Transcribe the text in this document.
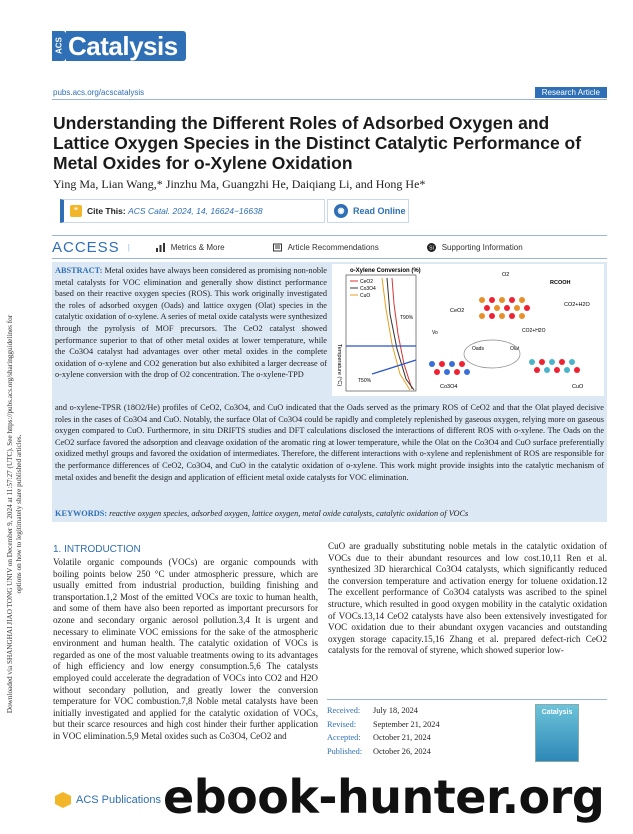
Downloaded via SHANGHAI JIAO TONG UNIV on December 9, 2024 at 11:57:27 (UTC). See https://pubs.acs.org/sharingguidelines for options on how to legitimately share published articles.
ACS Catalysis
pubs.acs.org/acscatalysis	Research Article
Understanding the Different Roles of Adsorbed Oxygen and Lattice Oxygen Species in the Distinct Catalytic Performance of Metal Oxides for o-Xylene Oxidation
Ying Ma, Lian Wang,* Jinzhu Ma, Guangzhi He, Daiqiang Li, and Hong He*
❝	Cite This:
ACS Catal. 2024, 14, 16624−16638	◉ Read Online
ACCESS |	Metrics & More	Article Recommendations	SI Supporting Information
ABSTRACT: Metal oxides have always been considered as promising non-noble metal catalysts for VOC elimination and generally show distinct performance based on their reactive oxygen species (ROS). This work originally investigated the roles of adsorbed oxygen (Oads) and lattice oxygen (Olat) species in the catalytic oxidation of o-xylene. A series of metal oxide catalysts were synthesized through the pyrolysis of MOF precursors. The CeO2 catalyst showed performance superior to that of other metal oxides at lower temperature, while the Co3O4 catalyst had advantages over other metal oxides in the complete oxidation of o-xylene and CO2 generation but also exhibited a larger decrease of o-xylene conversion with the drop of O2 concentration. The o-xylene-TPD
o-Xylene Conversion (%)
Temperature (°C)
CeO2
Co3O4
CuO
T90%
T50%
O2
RCOOH
CO2+H2O
CeO2
Vo	CO2+H2O
Oads	Olat
Co3O4	CuO
and o-xylene-TPSR (18O2/He) profiles of CeO2, Co3O4, and CuO indicated that the Oads served as the primary ROS of CeO2 and that the Olat played decisive roles in the cases of Co3O4 and CuO. Notably, the surface Olat of Co3O4 could be rapidly and completely replenished by gaseous oxygen, relying more on gaseous oxygen compared to CuO. Furthermore, in situ DRIFTS studies and DFT calculations disclosed the interactions of different ROS with o-xylene. The Oads on the CeO2 surface favored the adsorption and cleavage oxidation of the aromatic ring at lower temperature, while the Olat on the Co3O4 and CuO surface preferentially oxidized methyl groups and favored the oxidation of intermediates. Therefore, the different interactions with o-xylene and replenishment of ROS are responsible for the performance differences of CeO2, Co3O4, and CuO in the catalytic oxidation of o-xylene. This work might provide insights into the catalytic mechanism of metal oxides and benefit the design and application of efficient metal oxide catalysts for VOC elimination.
KEYWORDS: reactive oxygen species, adsorbed oxygen, lattice oxygen, metal oxide catalysts, catalytic oxidation of VOCs
1. INTRODUCTION
Volatile organic compounds (VOCs) are organic compounds with boiling points below 250 °C under atmospheric pressure, which are usually emitted from industrial production, building finishing and transportation.1,2 Most of the emitted VOCs are toxic to human health, and some of them have also been reported as important precursors for ozone and secondary organic aerosol pollution.3,4 It is urgent and necessary to eliminate VOC emissions for the sake of the atmospheric environment and human health. The catalytic oxidation of VOCs is regarded as one of the most valuable treatments owing to its advantages of high efficiency and low energy consumption.5,6 The catalysts employed could accelerate the degradation of VOCs into CO2 and H2O without secondary pollution, and greatly lower the conversion temperature for VOC combustion.7,8 Noble metal catalysts have been initially investigated and applied for the catalytic oxidation of VOCs, but their scarce resources and high cost hinder their further application in VOC elimination.5,9 Metal oxides such as Co3O4, CeO2 and
CuO are gradually substituting noble metals in the catalytic oxidation of VOCs due to their abundant resources and low cost.10,11 Ren et al. synthesized 3D hierarchical Co3O4 catalysts, which significantly reduced the conversion temperature and activation energy for toluene oxidation.12 The excellent performance of Co3O4 catalysts was ascribed to the spinel structure, which resulted in good oxygen mobility in the catalytic oxidation of VOCs.13,14 CeO2 catalysts have also been extensively investigated for VOC oxidation due to their abundant oxygen vacancies and outstanding oxygen storage capacity.15,16 Zhang et al. prepared defect-rich CeO2 catalysts for the removal of styrene, which showed superior low-
Received: July 18, 2024
Revised: September 21, 2024
Accepted: October 21, 2024
Published: October 26, 2024
Catalysis
ACS Publications ebook-hunter.org
